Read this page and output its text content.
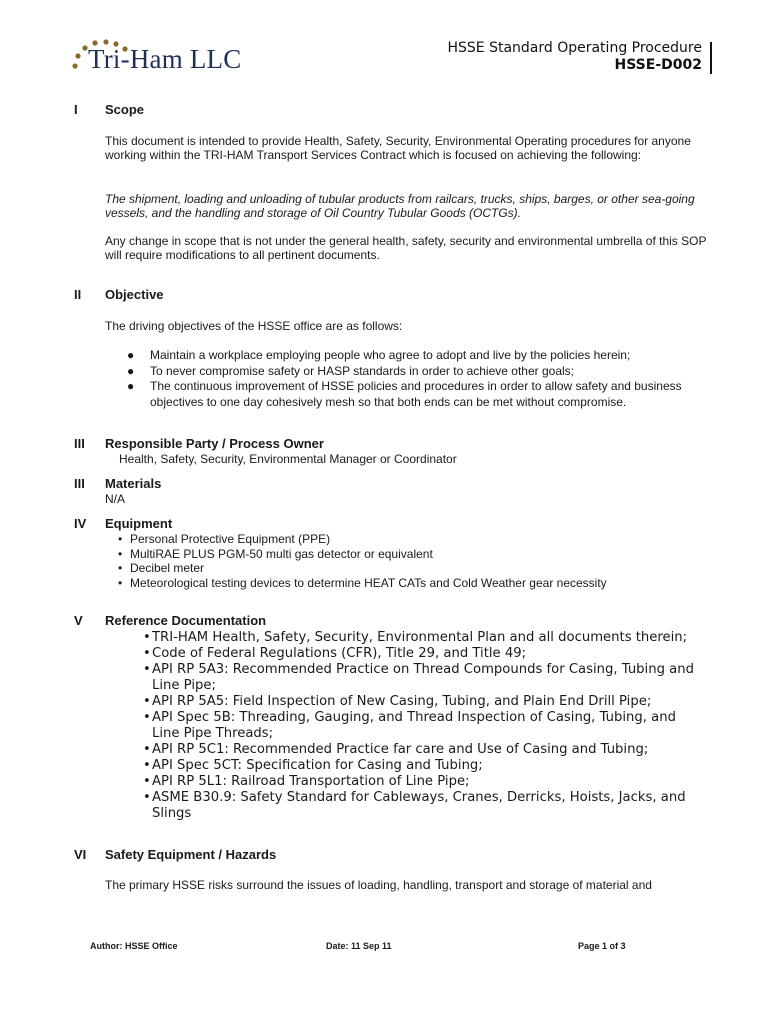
Tri-Ham LLC	HSSE Standard Operating Procedure
HSSE-D002
I Scope
This document is intended to provide Health, Safety, Security, Environmental Operating procedures for anyone working within the TRI-HAM Transport Services Contract which is focused on achieving the following:
The shipment, loading and unloading of tubular products from railcars, trucks, ships, barges, or other sea-going vessels, and the handling and storage of Oil Country Tubular Goods (OCTGs).
Any change in scope that is not under the general health, safety, security and environmental umbrella of this SOP will require modifications to all pertinent documents.
II Objective
The driving objectives of the HSSE office are as follows:
● Maintain a workplace employing people who agree to adopt and live by the policies herein;
● To never compromise safety or HASP standards in order to achieve other goals;
● The continuous improvement of HSSE policies and procedures in order to allow safety and business objectives to one day cohesively mesh so that both ends can be met without compromise.
III Responsible Party / Process Owner
Health, Safety, Security, Environmental Manager or Coordinator
III Materials
N/A
IV Equipment
• Personal Protective Equipment (PPE)
• MultiRAE PLUS PGM-50 multi gas detector or equivalent
• Decibel meter
• Meteorological testing devices to determine HEAT CATs and Cold Weather gear necessity
V Reference Documentation
• TRI-HAM Health, Safety, Security, Environmental Plan and all documents therein;
• Code of Federal Regulations (CFR), Title 29, and Title 49;
• API RP 5A3: Recommended Practice on Thread Compounds for Casing, Tubing and Line Pipe;
• API RP 5A5: Field Inspection of New Casing, Tubing, and Plain End Drill Pipe;
• API Spec 5B: Threading, Gauging, and Thread Inspection of Casing, Tubing, and Line Pipe Threads;
• API RP 5C1: Recommended Practice far care and Use of Casing and Tubing;
• API Spec 5CT: Specification for Casing and Tubing;
• API RP 5L1: Railroad Transportation of Line Pipe;
• ASME B30.9: Safety Standard for Cableways, Cranes, Derricks, Hoists, Jacks, and Slings
VI Safety Equipment / Hazards
The primary HSSE risks surround the issues of loading, handling, transport and storage of material and
Author: HSSE Office	Date: 11 Sep 11	Page 1 of 3
